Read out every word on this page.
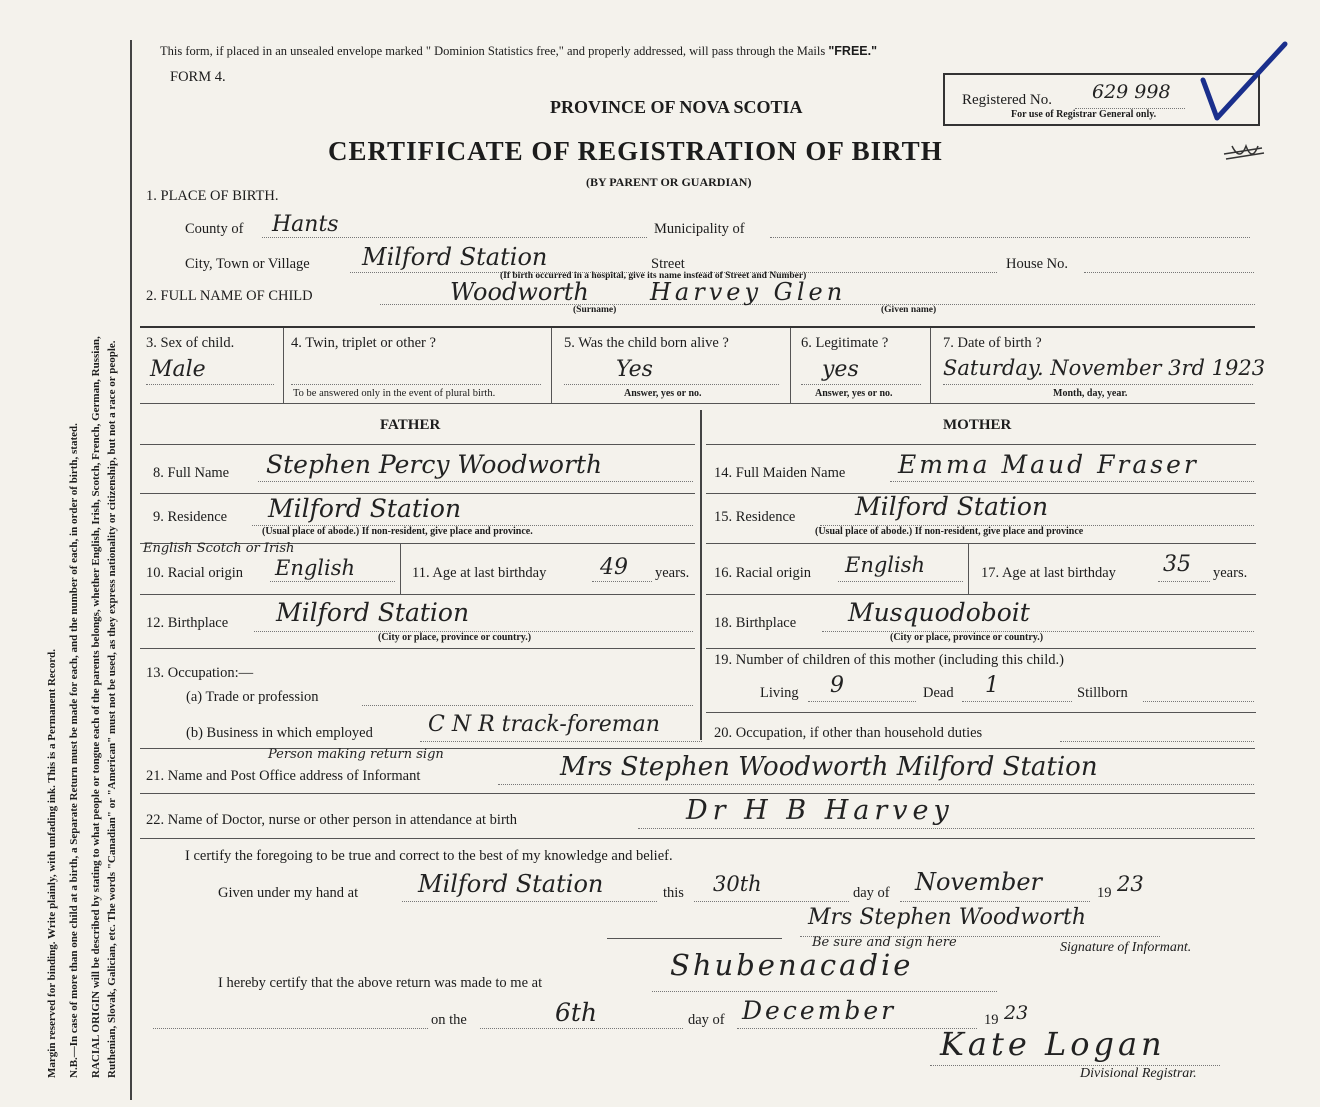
Margin reserved for binding. Write plainly, with unfading ink. This is a Permanent Record. N.B.—In case of more than one child at a birth, a Separate Return must be made for each, and the number of each, in order of birth, stated. RACIAL ORIGIN will be described by stating to what people or tongue each of the parents belongs, whether English, Irish, Scotch, French, German, Russian, Ruthenian, Slovak, Galician, etc. The words "Canadian" or "American" must not be used, as they express nationality or citizenship, but not a race or people.
This form, if placed in an unsealed envelope marked " Dominion Statistics free," and properly addressed, will pass through the Mails "FREE."
FORM 4.
PROVINCE OF NOVA SCOTIA
CERTIFICATE OF REGISTRATION OF BIRTH
(BY PARENT OR GUARDIAN)
Registered No. 629 998
For use of Registrar General only.
1. PLACE OF BIRTH.
County of Hants	Municipality of
City, Town or Village Milford Station	Street	House No.
(If birth occurred in a hospital, give its name instead of Street and Number)
2. FULL NAME OF CHILD	Woodworth	Harvey Glen
(Surname)	(Given name)
3. Sex of child.
Male
4. Twin, triplet or other ?
To be answered only in the event of plural birth.
5. Was the child born alive ?
Yes
Answer, yes or no.
6. Legitimate ?
yes
Answer, yes or no.
7. Date of birth ?
Saturday. November 3rd 1923
Month, day, year.
FATHER	MOTHER
8. Full Name Stephen Percy Woodworth
9. Residence Milford Station
(Usual place of abode.) If non-resident, give place and province.
English Scotch or Irish
10. Racial origin English	11. Age at last birthday 49 years.
12. Birthplace Milford Station
(City or place, province or country.)
13. Occupation:—
(a) Trade or profession
(b) Business in which employed	C N R track-foreman
14. Full Maiden Name Emma Maud Fraser
15. Residence Milford Station
(Usual place of abode.) If non-resident, give place and province
16. Racial origin English	17. Age at last birthday 35 years.
18. Birthplace Musquodoboit
(City or place, province or country.)
19. Number of children of this mother (including this child.)
Living 9	Dead 1	Stillborn
20. Occupation, if other than household duties
Person making return sign
21. Name and Post Office address of Informant	Mrs Stephen Woodworth Milford Station
22. Name of Doctor, nurse or other person in attendance at birth	Dr H B Harvey
I certify the foregoing to be true and correct to the best of my knowledge and belief.
Given under my hand at Milford Station	this 30th	day of November	19 23
Mrs Stephen Woodworth
Be sure and sign here	Signature of Informant.
I hereby certify that the above return was made to me at
Shubenacadie
on the	6th	day of December	19 23
Kate Logan
Divisional Registrar.
